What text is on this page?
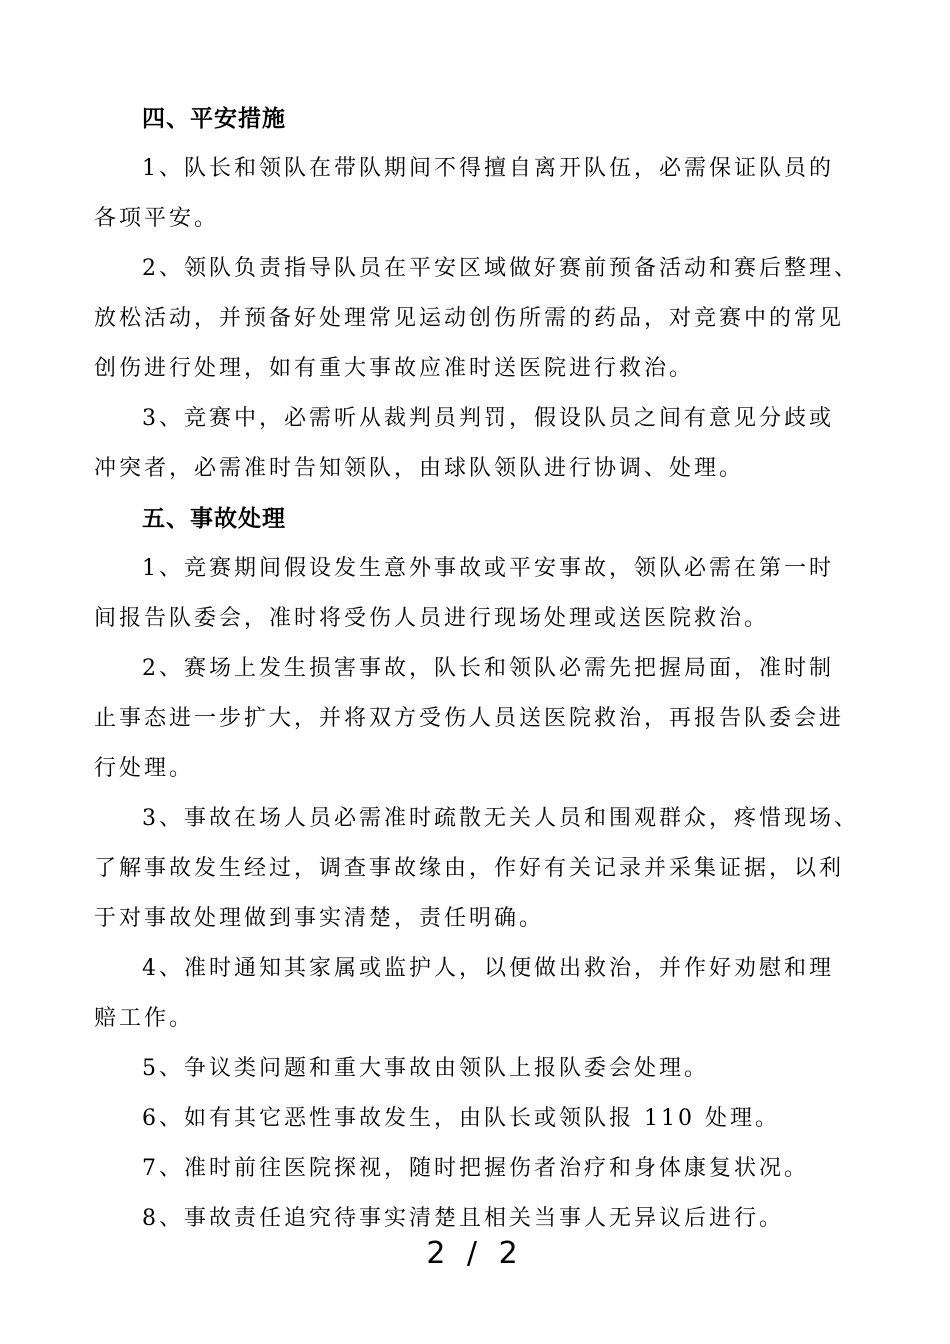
四、平安措施

1、队长和领队在带队期间不得擅自离开队伍，必需保证队员的
各项平安。

2、领队负责指导队员在平安区域做好赛前预备活动和赛后整理、
放松活动，并预备好处理常见运动创伤所需的药品，对竞赛中的常见
创伤进行处理，如有重大事故应准时送医院进行救治。

3、竞赛中，必需听从裁判员判罚，假设队员之间有意见分歧或
冲突者，必需准时告知领队，由球队领队进行协调、处理。

五、事故处理

1、竞赛期间假设发生意外事故或平安事故，领队必需在第一时
间报告队委会，准时将受伤人员进行现场处理或送医院救治。

2、赛场上发生损害事故，队长和领队必需先把握局面，准时制
止事态进一步扩大，并将双方受伤人员送医院救治，再报告队委会进
行处理。

3、事故在场人员必需准时疏散无关人员和围观群众，疼惜现场、
了解事故发生经过，调查事故缘由，作好有关记录并采集证据，以利
于对事故处理做到事实清楚，责任明确。

4、准时通知其家属或监护人，以便做出救治，并作好劝慰和理
赔工作。

5、争议类问题和重大事故由领队上报队委会处理。

6、如有其它恶性事故发生，由队长或领队报 110 处理。

7、准时前往医院探视，随时把握伤者治疗和身体康复状况。

8、事故责任追究待事实清楚且相关当事人无异议后进行。

2 / 2
